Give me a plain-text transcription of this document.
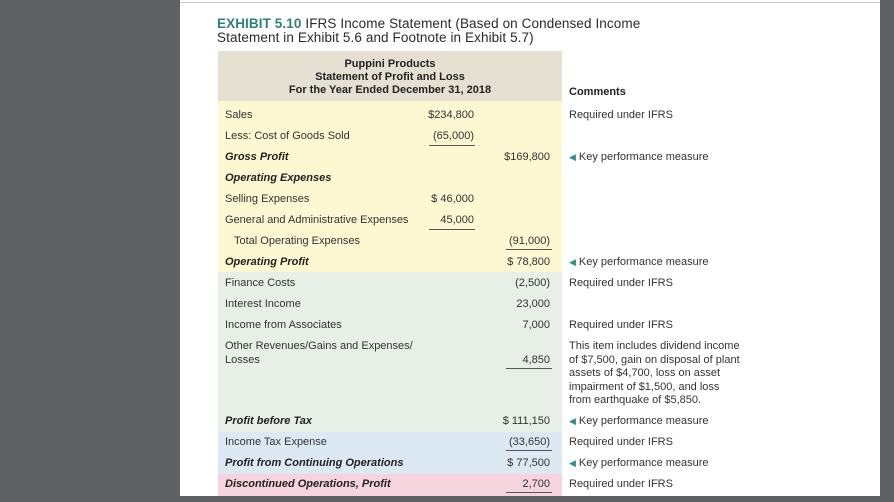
EXHIBIT 5.10 IFRS Income Statement (Based on Condensed Income
Statement in Exhibit 5.6 and Footnote in Exhibit 5.7)
Puppini Products
Statement of Profit and Loss
For the Year Ended December 31, 2018	Comments
Sales	$234,800	Required under IFRS
Less: Cost of Goods Sold	(65,000)
Gross Profit	$169,800 ◀ Key performance measure
Operating Expenses
Selling Expenses	$ 46,000
General and Administrative Expenses	45,000
Total Operating Expenses	(91,000)
Operating Profit	$ 78,800 ◀ Key performance measure
Finance Costs	(2,500) Required under IFRS
Interest Income	23,000
Income from Associates	7,000 Required under IFRS
Other Revenues/Gains and Expenses/
Losses	4,850
This item includes dividend income
of $7,500, gain on disposal of plant
assets of $4,700, loss on asset
impairment of $1,500, and loss
from earthquake of $5,850.
Profit before Tax	$ 111,150 ◀ Key performance measure
Income Tax Expense	(33,650) Required under IFRS
Profit from Continuing Operations	$ 77,500 ◀ Key performance measure
Discontinued Operations, Profit	2,700 Required under IFRS
